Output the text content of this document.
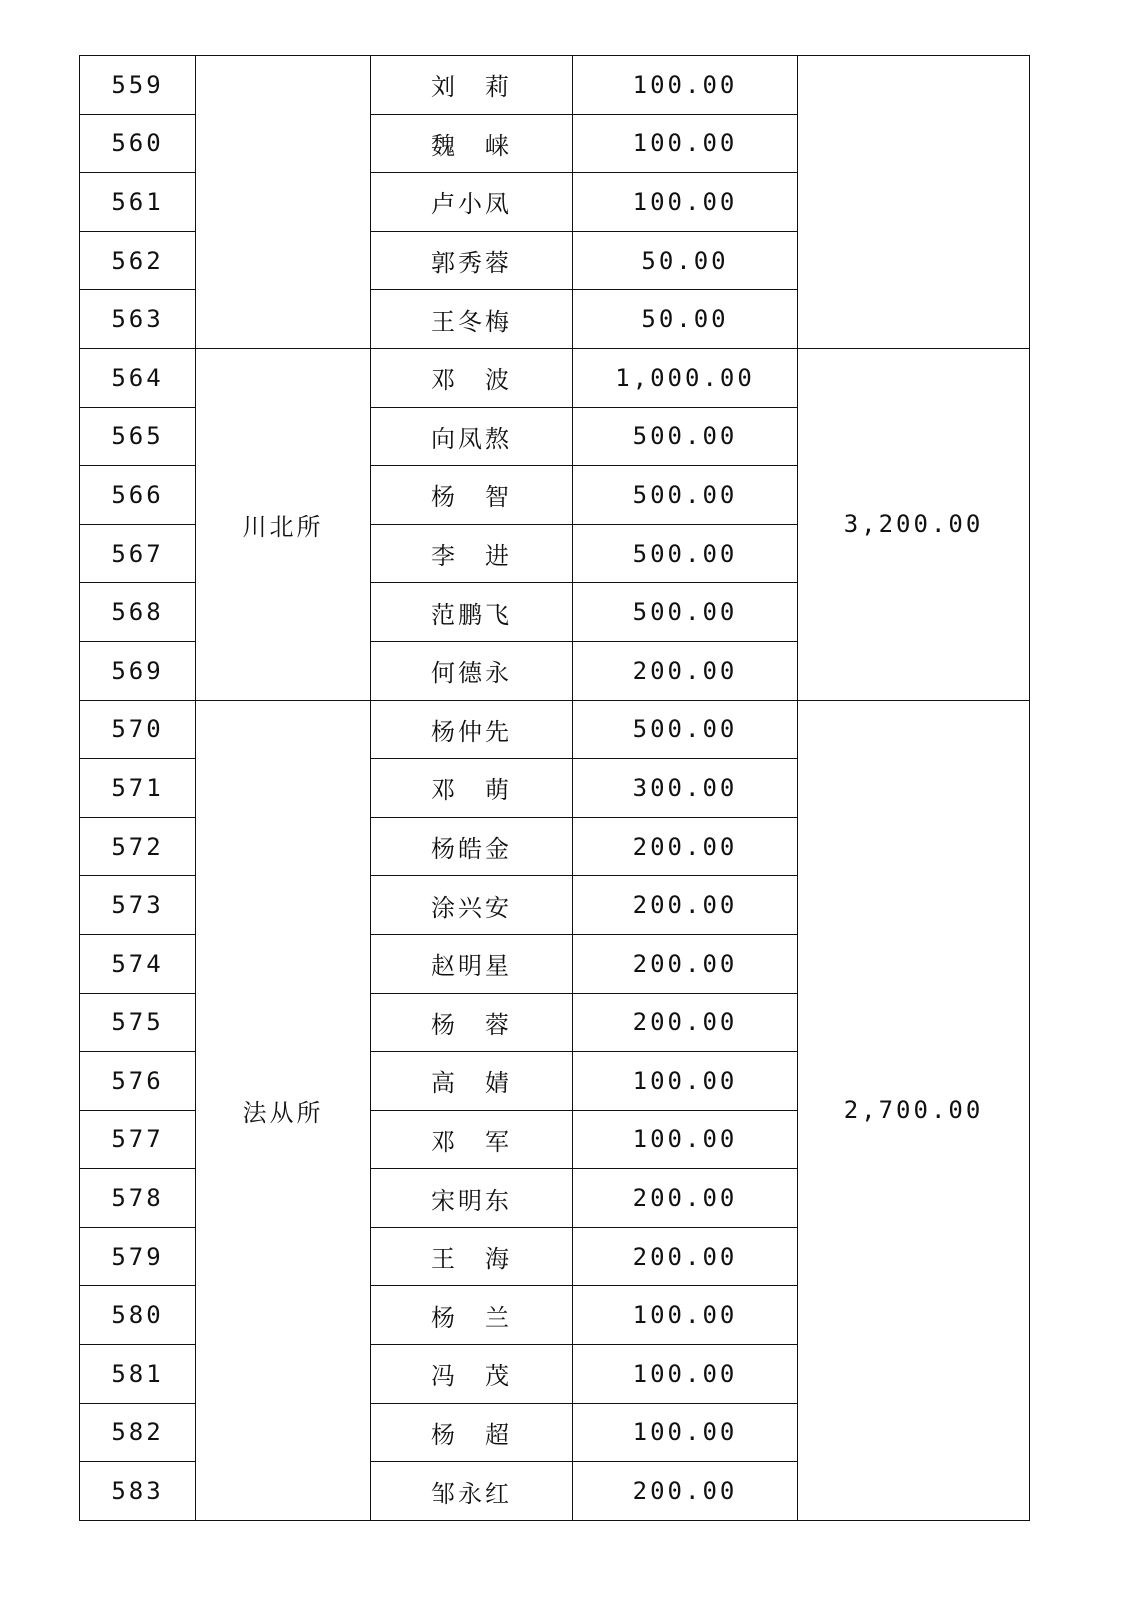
559		刘　莉	100.00	
560		魏　崃	100.00	
561		卢小凤	100.00	
562		郭秀蓉	50.00	
563		王冬梅	50.00	
564	川北所	邓　波	1,000.00	3,200.00
565		向凤熬	500.00	
566		杨　智	500.00	
567		李　进	500.00	
568		范鹏飞	500.00	
569		何德永	200.00	
570	法从所	杨仲先	500.00	2,700.00
571		邓　萌	300.00	
572		杨皓金	200.00	
573		涂兴安	200.00	
574		赵明星	200.00	
575		杨　蓉	200.00	
576		高　婧	100.00	
577		邓　军	100.00	
578		宋明东	200.00	
579		王　海	200.00	
580		杨　兰	100.00	
581		冯　茂	100.00	
582		杨　超	100.00	
583		邹永红	200.00	
